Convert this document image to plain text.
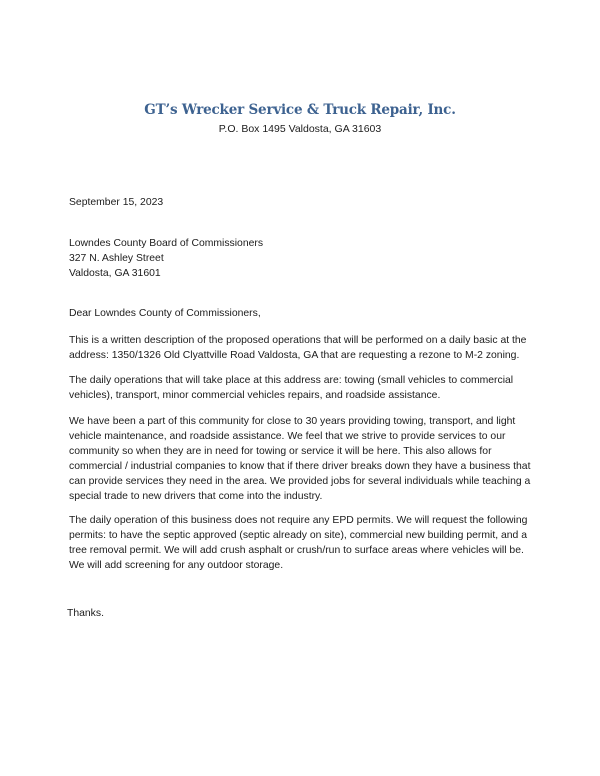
GT’s Wrecker Service & Truck Repair, Inc.
P.O. Box 1495 Valdosta, GA 31603
September 15, 2023
Lowndes County Board of Commissioners
327 N. Ashley Street
Valdosta, GA 31601
Dear Lowndes County of Commissioners,
This is a written description of the proposed operations that will be performed on a daily basic at the
address: 1350/1326 Old Clyattville Road Valdosta, GA that are requesting a rezone to M-2 zoning.
The daily operations that will take place at this address are: towing (small vehicles to commercial
vehicles), transport, minor commercial vehicles repairs, and roadside assistance.
We have been a part of this community for close to 30 years providing towing, transport, and light
vehicle maintenance, and roadside assistance. We feel that we strive to provide services to our
community so when they are in need for towing or service it will be here. This also allows for
commercial / industrial companies to know that if there driver breaks down they have a business that
can provide services they need in the area. We provided jobs for several individuals while teaching a
special trade to new drivers that come into the industry.
The daily operation of this business does not require any EPD permits. We will request the following
permits: to have the septic approved (septic already on site), commercial new building permit, and a
tree removal permit. We will add crush asphalt or crush/run to surface areas where vehicles will be.
We will add screening for any outdoor storage.
Thanks.
